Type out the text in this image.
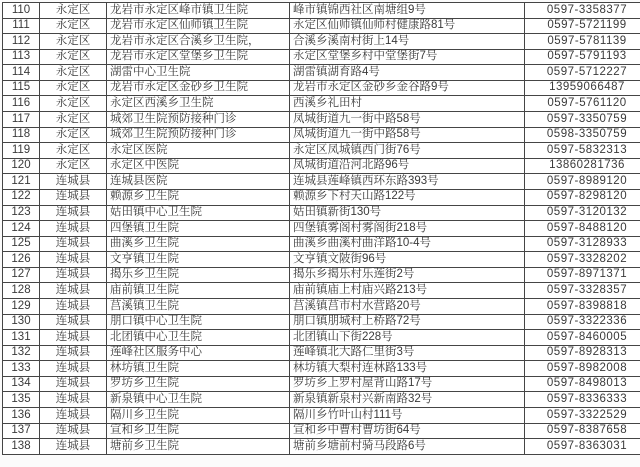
110	永定区	龙岩市永定区峰市镇卫生院	峰市镇锦西社区南塘组9号	0597-3358377
111	永定区	龙岩市永定区仙师镇卫生院	永定区仙师镇仙师村健康路81号	0597-5721199
112	永定区	龙岩市永定区合溪乡卫生院，	合溪乡溪南村街上14号	0597-5781139
113	永定区	龙岩市永定区堂堡乡卫生院	永定区堂堡乡村中堂堡街7号	0597-5791193
114	永定区	湖雷中心卫生院	湖雷镇湖育路4号	0597-5712227
115	永定区	龙岩市永定区金砂乡卫生院	龙岩市永定区金砂乡金谷路9号	13959066487
116	永定区	永定区西溪乡卫生院	西溪乡礼田村	0597-5761120
117	永定区	城郊卫生院预防接种门诊	凤城街道九一街中路58号	0597-3350759
118	永定区	城郊卫生院预防接种门诊	凤城街道九一街中路58号	0598-3350759
119	永定区	永定区医院	永定区凤城镇西门街76号	0597-5832313
120	永定区	永定区中医院	凤城街道沿河北路96号	13860281736
121	连城县	连城县医院	连城县莲峰镇西环东路393号	0597-8989120
122	连城县	赖源乡卫生院	赖源乡下村天山路122号	0597-8298120
123	连城县	姑田镇中心卫生院	姑田镇新街130号	0597-3120132
124	连城县	四堡镇卫生院	四堡镇雾阁村雾阁街218号	0597-8488120
125	连城县	曲溪乡卫生院	曲溪乡曲溪村曲洋路10-4号	0597-3128933
126	连城县	文亨镇卫生院	文亨镇文陂街96号	0597-3328202
127	连城县	揭乐乡卫生院	揭乐乡揭乐村乐莲街2号	0597-8971371
128	连城县	庙前镇卫生院	庙前镇庙上村庙兴路213号	0597-3328357
129	连城县	莒溪镇卫生院	莒溪镇莒市村水营路20号	0597-8398818
130	连城县	朋口镇中心卫生院	朋口镇朋城村上桥路72号	0597-3322336
131	连城县	北团镇中心卫生院	北团镇山下街228号	0597-8460005
132	连城县	莲峰社区服务中心	莲峰镇北大路仁里街3号	0597-8928313
133	连城县	林坊镇卫生院	林坊镇大梨村连林路133号	0597-8982008
134	连城县	罗坊乡卫生院	罗坊乡上罗村屋背山路17号	0597-8498013
135	连城县	新泉镇中心卫生院	新泉镇新泉村兴新南路32号	0597-8336333
136	连城县	隔川乡卫生院	隔川乡竹叶山村111号	0597-3322529
137	连城县	宣和乡卫生院	宣和乡中曹村曹坊街64号	0597-8387658
138	连城县	塘前乡卫生院	塘前乡塘前村骑马段路6号	0597-8363031
